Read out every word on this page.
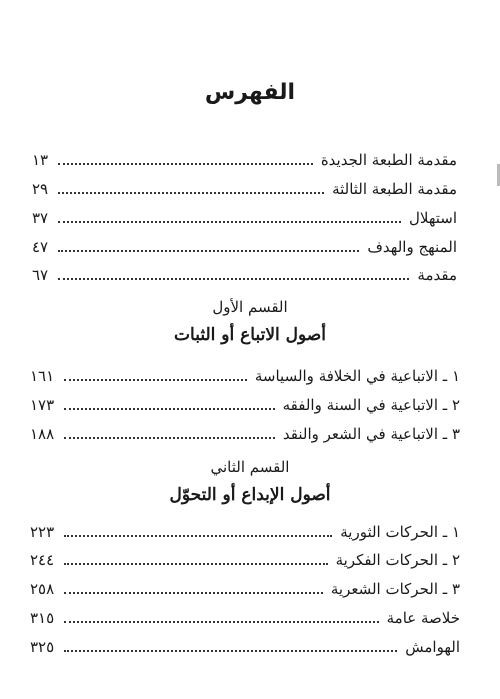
الفهرس
مقدمة الطبعة الجديدة
١٣
مقدمة الطبعة الثالثة
٢٩
استهلال
٣٧
المنهج والهدف
٤٧
مقدمة
٦٧
القسم الأول
أصول الاتباع أو الثبات
١ ـ الاتباعية في الخلافة والسياسة
١٦١
٢ ـ الاتباعية في السنة والفقه
١٧٣
٣ ـ الاتباعية في الشعر والنقد
١٨٨
القسم الثاني
أصول الإبداع أو التحوّل
١ ـ الحركات الثورية
٢٢٣
٢ ـ الحركات الفكرية
٢٤٤
٣ ـ الحركات الشعرية
٢٥٨
خلاصة عامة
٣١٥
الهوامش
٣٢٥
